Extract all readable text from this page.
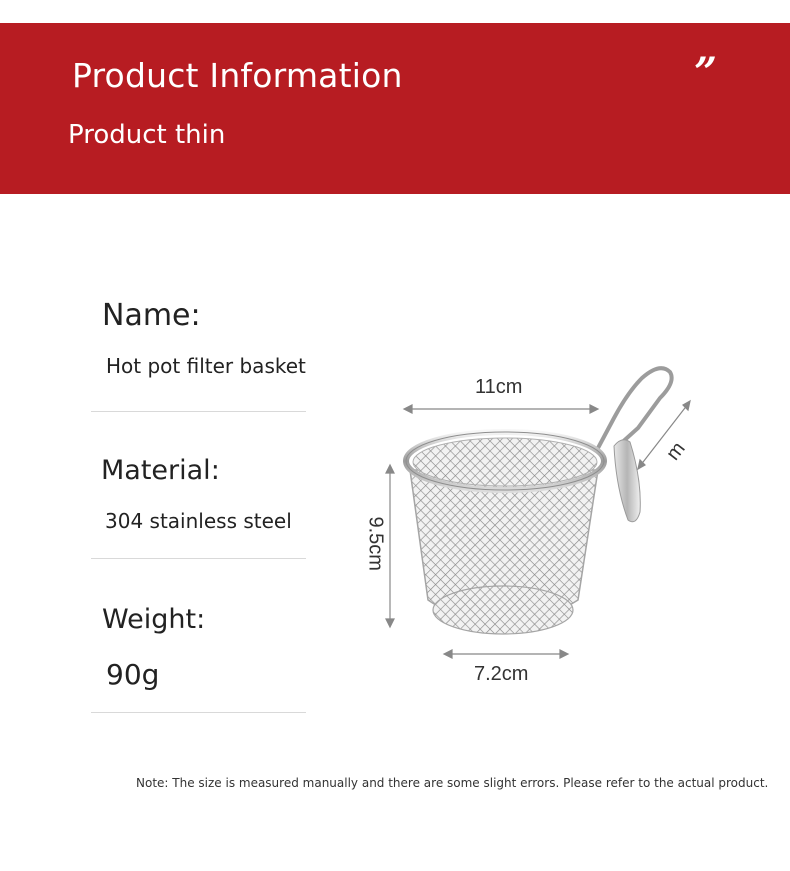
Product Information
Product thin
”
Name:
Hot pot filter basket
Material:
304 stainless steel
Weight:
90g
11cm
9.5cm
7.2cm
m
Note: The size is measured manually and there are some slight errors. Please refer to the actual product.
